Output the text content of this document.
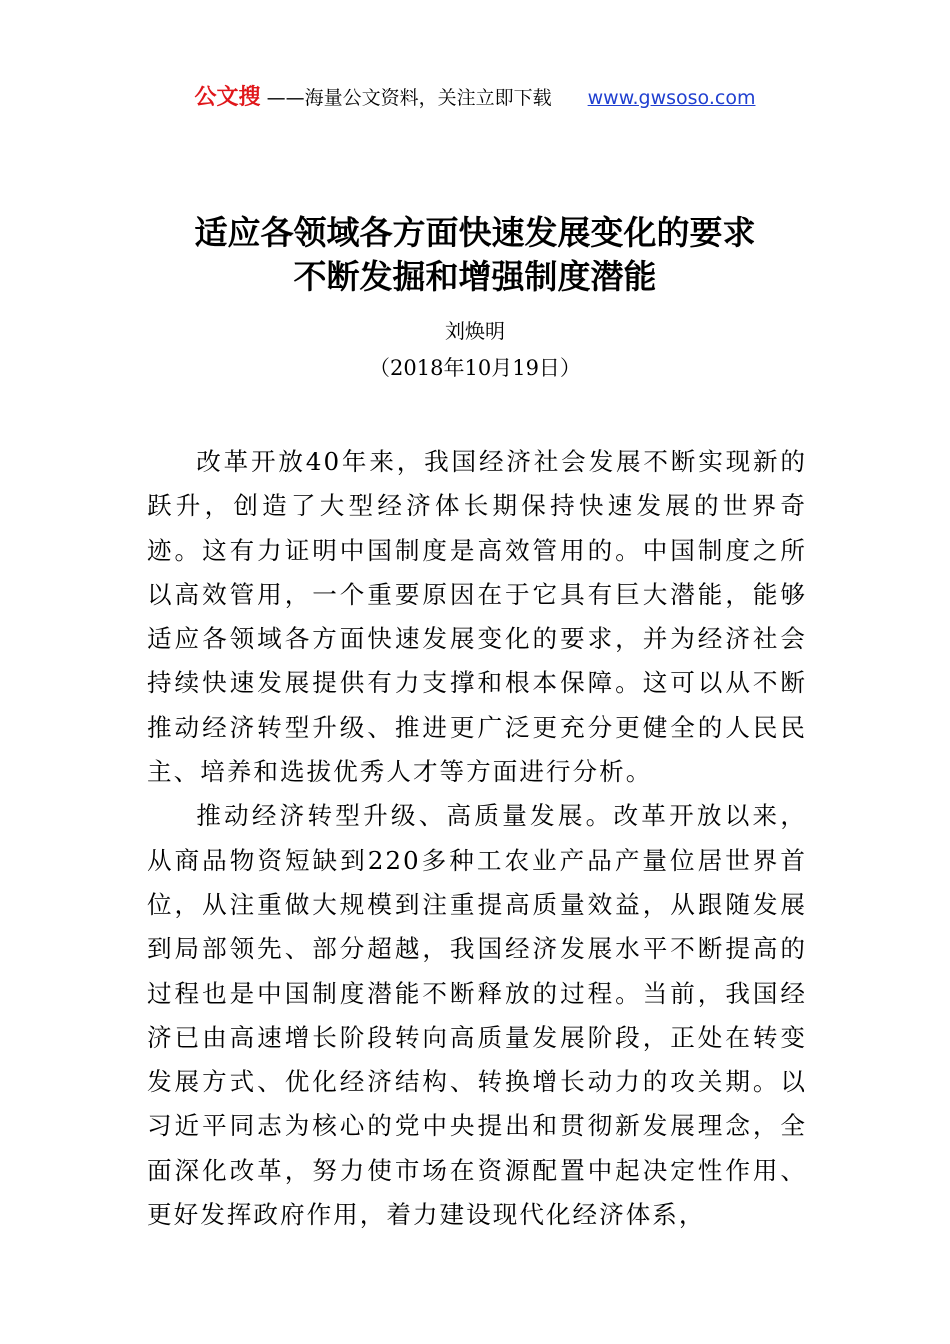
公文搜 ——海量公文资料，关注立即下载 www.gwsoso.com
适应各领域各方面快速发展变化的要求
不断发掘和增强制度潜能
刘焕明
（2018年10月19日）

改革开放40年来，我国经济社会发展不断实现新的跃升，创造了大型经济体长期保持快速发展的世界奇迹。这有力证明中国制度是高效管用的。中国制度之所以高效管用，一个重要原因在于它具有巨大潜能，能够适应各领域各方面快速发展变化的要求，并为经济社会持续快速发展提供有力支撑和根本保障。这可以从不断推动经济转型升级、推进更广泛更充分更健全的人民民主、培养和选拔优秀人才等方面进行分析。

推动经济转型升级、高质量发展。改革开放以来，从商品物资短缺到220多种工农业产品产量位居世界首位，从注重做大规模到注重提高质量效益，从跟随发展到局部领先、部分超越，我国经济发展水平不断提高的过程也是中国制度潜能不断释放的过程。当前，我国经济已由高速增长阶段转向高质量发展阶段，正处在转变发展方式、优化经济结构、转换增长动力的攻关期。以习近平同志为核心的党中央提出和贯彻新发展理念，全面深化改革，努力使市场在资源配置中起决定性作用、更好发挥政府作用，着力建设现代化经济体系，
